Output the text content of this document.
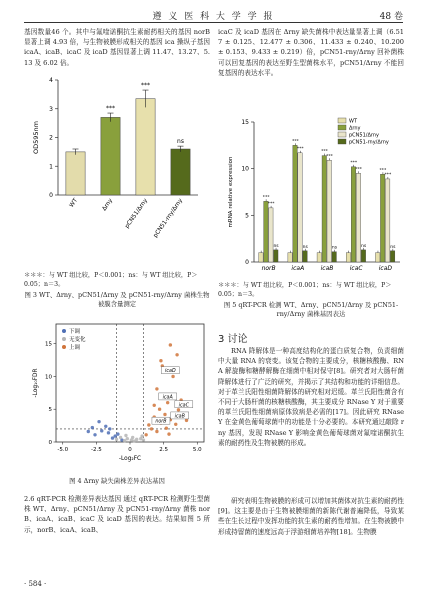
遵 义 医 科 大 学 学 报	48 卷
基因数量46 个。其中与氟喹诺酮抗生素耐药相关的基因 norB 显著上调 4.93 倍，与生物被膜形成相关的基因 ica 操纵子基因 icaA、icaB、icaC 及 icaD 基因显著上调 11.47、13.27、5.13 及 6.02 倍。
0
1
2
3
4
OD595nm
WT
***
Δrny
***
pCN51/Δrny
ns
pCN51-rny/Δrny
＊＊＊：与 WT 组比较，P＜0.001；ns：与 WT 组比较，P＞0.05；n＝3。
图 3 WT、Δrny、pCN51/Δrny 及 pCN51-rny/Δrny 菌株生物被膜含量测定
norB
icaB
icaA
icaC
icaD
下调
无变化
上调
-5.0	-2.5	0	2.5	5.0
0
5
10
15
-Log₂FC
-Log₁₀FDR
图 4 Δrny 缺失菌株差异表达基因
2.6 qRT-PCR 检测差异表达基因 通过 qRT-PCR 检测野生型菌株 WT、Δrny、pCN51/Δrny 及 pCN51-rny/Δrny 菌株 norB、icaA、icaB、icaC 及 icaD 基因的表达。结果如图 5 所示，norB、icaA、icaB、
· 584 ·
icaC 及 icaD 基因在 Δrny 缺失菌株中表达量显著上调（6.517 ± 0.125、12.477 ± 0.306、11.433 ± 0.240、10.200 ± 0.153、9.433 ± 0.219）倍，pCN51-rny/Δrny 回补菌株可以回复基因的表达至野生型菌株水平，pCN51/Δrny 不能回复基因的表达水平。
0
5
10
15
mRNA relative expression	***
***
ns
norB
***
***
ns
icaA
***
***
ns
icaB
***
***
ns
icaC
***
***
ns
icaD
WT
Δrny
pCN51/Δrny
pCN51-rny/Δrny
＊＊＊：与 WT 组比较，P＜0.001；ns：与 WT 组比较，P＞0.05；n＝3。
图 5 qRT-PCR 检测 WT、Δrny、pCN51/Δrny 及 pCN51-rny/Δrny 菌株基因表达
3 讨论
RNA 降解体是一种高度结构化的蛋白质复合物，负责细菌中大量 RNA 的衰变。该复合物的主要成分，核糖核酸酶、RNA 解旋酶和糖酵解酶在细菌中相对保守[8]。研究者对大肠杆菌降解体进行了广泛的研究，并揭示了其结构和功能的详细信息。对于革兰氏阳性细菌降解体的研究相对迟缓。革兰氏阳性菌含有不同于大肠杆菌的核糖核酸酶，其主要成分 RNase Y 对于重要的革兰氏阳性细菌病原体致病是必需的[17]。因此研究 RNase Y 在金黄色葡萄球菌中的功能是十分必要的。本研究通过敲除 rny 基因，发现 RNase Y 影响金黄色葡萄球菌对氟喹诺酮抗生素的耐药性及生物被膜的形成。
研究表明生物被膜的形成可以增加其菌体对抗生素的耐药性[9]。这主要是由于生物被膜细菌的新陈代谢普遍降低，导致某些在生长过程中发挥功能的抗生素的耐药性增加。在生物被膜中形成持留菌的速度远高于浮游细菌培养物[18]。生物膜
